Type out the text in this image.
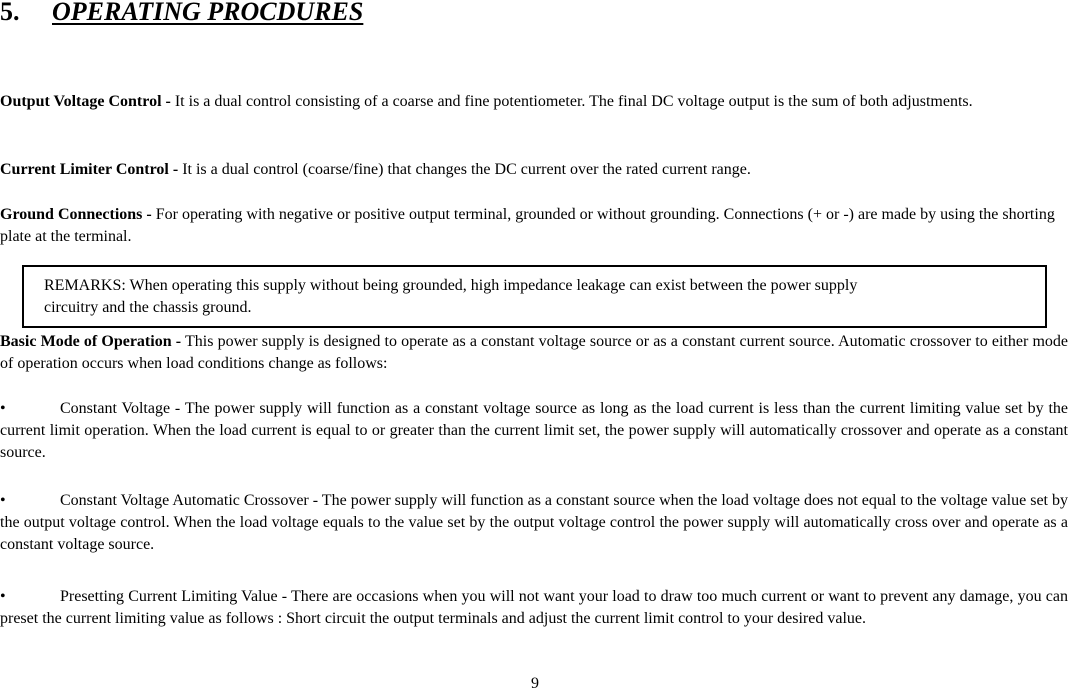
5. OPERATING PROCDURES

Output Voltage Control - It is a dual control consisting of a coarse and fine potentiometer. The final DC voltage output is the sum of both adjustments.

Current Limiter Control - It is a dual control (coarse/fine) that changes the DC current over the rated current range.

Ground Connections - For operating with negative or positive output terminal, grounded or without grounding. Connections (+ or -) are made by using the shorting plate at the terminal.

REMARKS: When operating this supply without being grounded, high impedance leakage can exist between the power supply
circuitry and the chassis ground.

Basic Mode of Operation - This power supply is designed to operate as a constant voltage source or as a constant current source. Automatic crossover to either mode of operation occurs when load conditions change as follows:

•	Constant Voltage - The power supply will function as a constant voltage source as long as the load current is less than the current limiting value set by the current limit operation. When the load current is equal to or greater than the current limit set, the power supply will automatically crossover and operate as a constant source.

•	Constant Voltage Automatic Crossover - The power supply will function as a constant source when the load voltage does not equal to the voltage value set by the output voltage control. When the load voltage equals to the value set by the output voltage control the power supply will automatically cross over and operate as a constant voltage source.

•	Presetting Current Limiting Value - There are occasions when you will not want your load to draw too much current or want to prevent any damage, you can preset the current limiting value as follows : Short circuit the output terminals and adjust the current limit control to your desired value.

9
